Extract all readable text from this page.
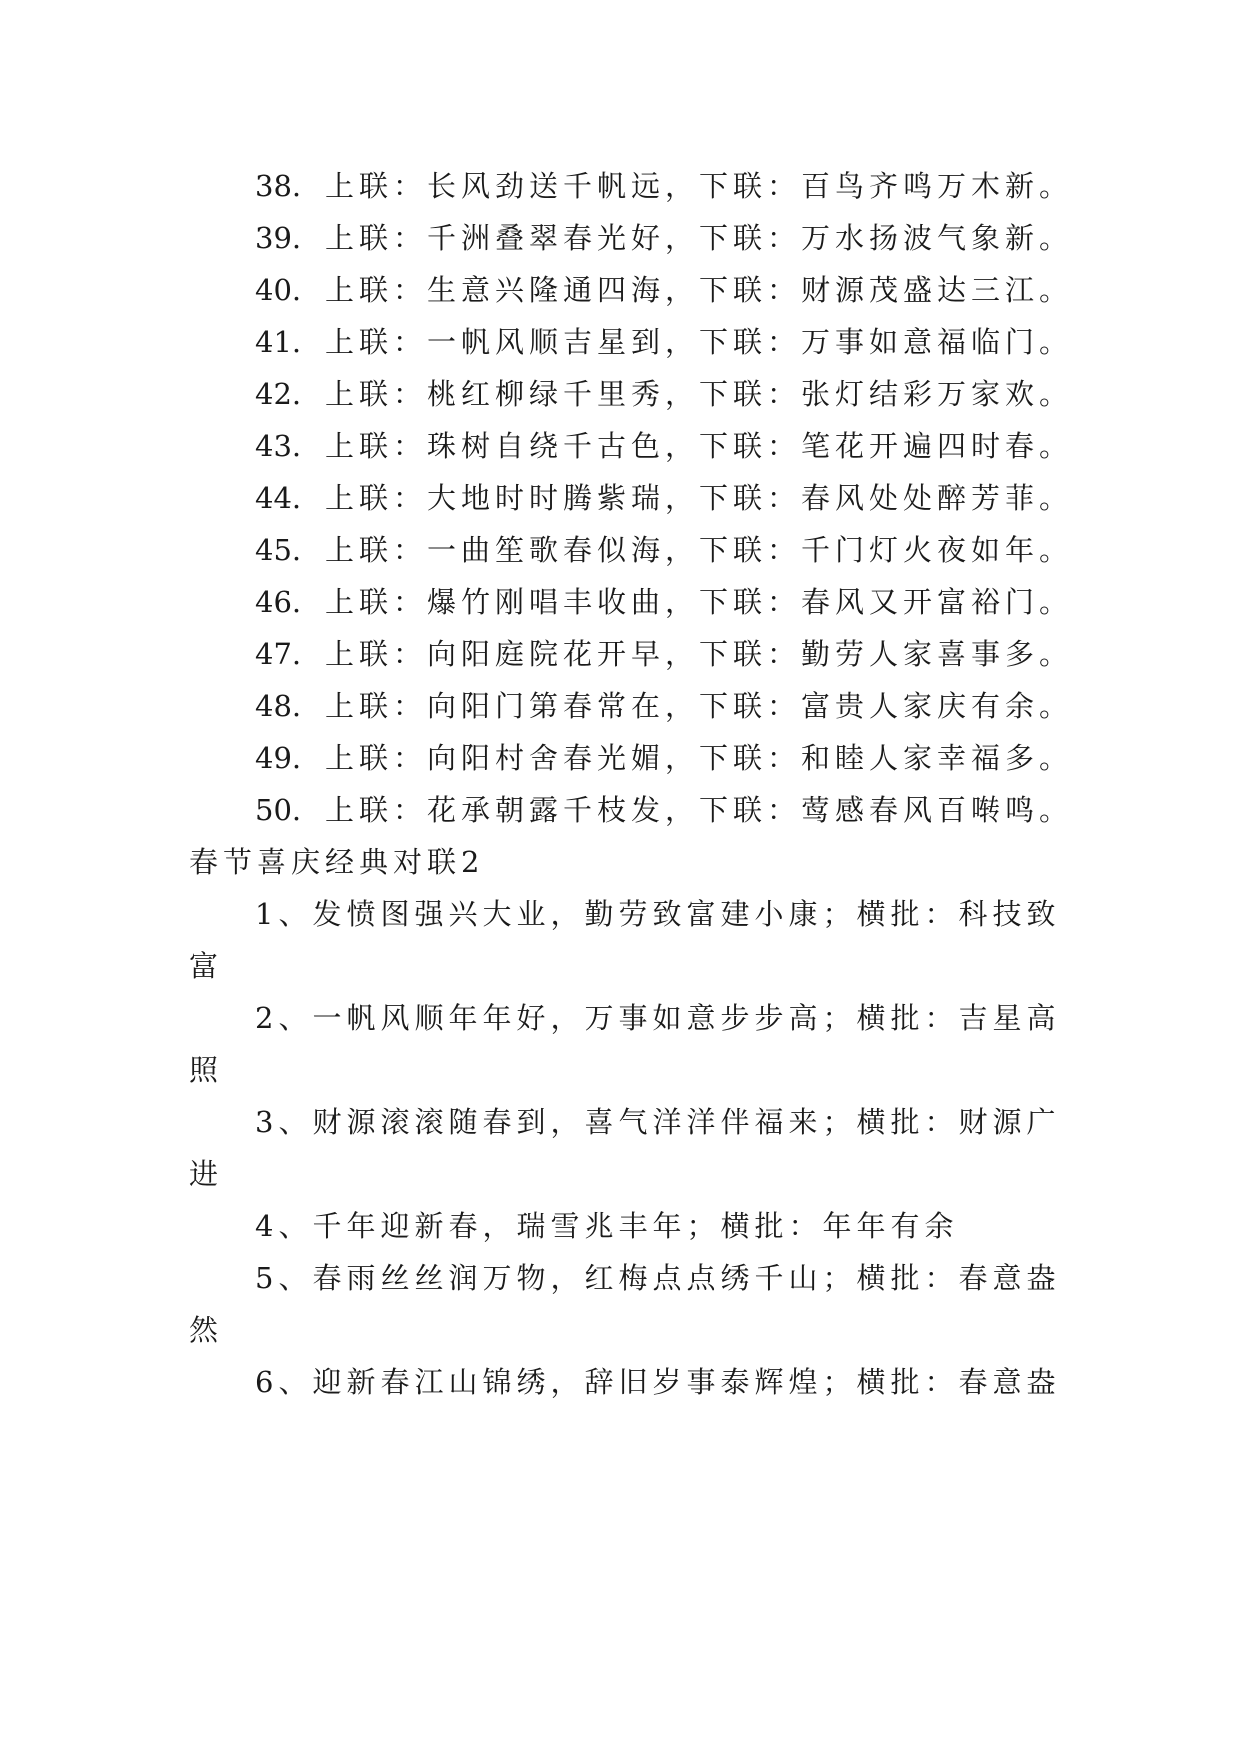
38. 上联：长风劲送千帆远，下联：百鸟齐鸣万木新。
39. 上联：千洲叠翠春光好，下联：万水扬波气象新。
40. 上联：生意兴隆通四海，下联：财源茂盛达三江。
41. 上联：一帆风顺吉星到，下联：万事如意福临门。
42. 上联：桃红柳绿千里秀，下联：张灯结彩万家欢。
43. 上联：珠树自绕千古色，下联：笔花开遍四时春。
44. 上联：大地时时腾紫瑞，下联：春风处处醉芳菲。
45. 上联：一曲笙歌春似海，下联：千门灯火夜如年。
46. 上联：爆竹刚唱丰收曲，下联：春风又开富裕门。
47. 上联：向阳庭院花开早，下联：勤劳人家喜事多。
48. 上联：向阳门第春常在，下联：富贵人家庆有余。
49. 上联：向阳村舍春光媚，下联：和睦人家幸福多。
50. 上联：花承朝露千枝发，下联：莺感春风百啭鸣。
春节喜庆经典对联2
1、发愤图强兴大业，勤劳致富建小康；横批：科技致
富
2、一帆风顺年年好，万事如意步步高；横批：吉星高
照
3、财源滚滚随春到，喜气洋洋伴福来；横批：财源广
进
4、千年迎新春，瑞雪兆丰年；横批：年年有余
5、春雨丝丝润万物，红梅点点绣千山；横批：春意盎
然
6、迎新春江山锦绣，辞旧岁事泰辉煌；横批：春意盎
